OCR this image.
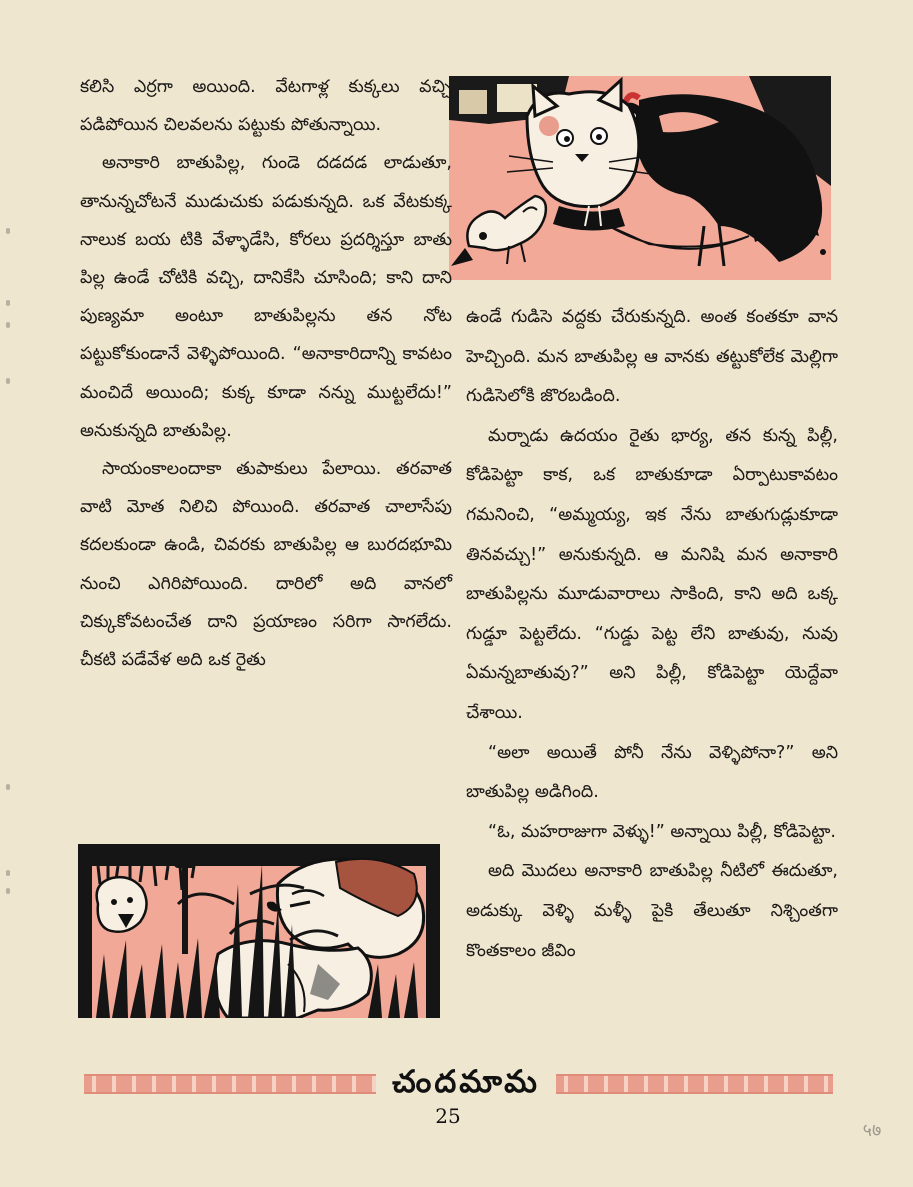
కలిసి ఎర్రగా అయింది. వేటగాళ్ల కుక్కలు వచ్చి పడిపోయిన చిలవలను పట్టుకు పోతున్నాయి.

అనాకారి బాతుపిల్ల, గుండె దడదడ లాడుతూ, తానున్నచోటనే ముడుచుకు పడుకున్నది. ఒక వేటకుక్క నాలుక బయ టికి వేళ్ళాడేసి, కోరలు ప్రదర్శిస్తూ బాతు పిల్ల ఉండే చోటికి వచ్చి, దానికేసి చూసింది; కాని దాని పుణ్యమా అంటూ బాతుపిల్లను తన నోట పట్టుకోకుండానే వెళ్ళిపోయింది. “అనాకారిదాన్ని కావటం మంచిదే అయింది; కుక్క కూడా నన్ను ముట్టలేదు!” అనుకున్నది బాతుపిల్ల.

సాయంకాలందాకా తుపాకులు పేలాయి. తరవాత వాటి మోత నిలిచి పోయింది. తరవాత చాలాసేపు కదలకుండా ఉండి, చివరకు బాతుపిల్ల ఆ బురదభూమి నుంచి ఎగిరిపోయింది. దారిలో అది వానలో చిక్కుకోవటంచేత దాని ప్రయాణం సరిగా సాగలేదు. చీకటి పడేవేళ అది ఒక రైతు

ఉండే గుడిసె వద్దకు చేరుకున్నది. అంత కంతకూ వాన హెచ్చింది. మన బాతుపిల్ల ఆ వానకు తట్టుకోలేక మెల్లిగా గుడిసెలోకి జొరబడింది.

మర్నాడు ఉదయం రైతు భార్య, తన కున్న పిల్లీ, కోడిపెట్టా కాక, ఒక బాతుకూడా ఏర్పాటుకావటం గమనించి, “అమ్మయ్య, ఇక నేను బాతుగుడ్లుకూడా తినవచ్చు!” అనుకున్నది. ఆ మనిషి మన అనాకారి బాతుపిల్లను మూడువారాలు సాకింది, కాని అది ఒక్క గుడ్డూ పెట్టలేదు. “గుడ్డు పెట్ట లేని బాతువు, నువు ఏమన్నబాతువు?” అని పిల్లీ, కోడిపెట్టా యెద్దేవా చేశాయి.

“అలా అయితే పోనీ నేను వెళ్ళిపోనా?” అని బాతుపిల్ల అడిగింది.

“ఓ, మహరాజుగా వెళ్ళు!” అన్నాయి పిల్లీ, కోడిపెట్టా.

అది మొదలు అనాకారి బాతుపిల్ల నీటిలో ఈదుతూ, అడుక్కు వెళ్ళి మళ్ళీ పైకి తేలుతూ నిశ్చింతగా కొంతకాలం జీవిం

చందమామ
25
५७
